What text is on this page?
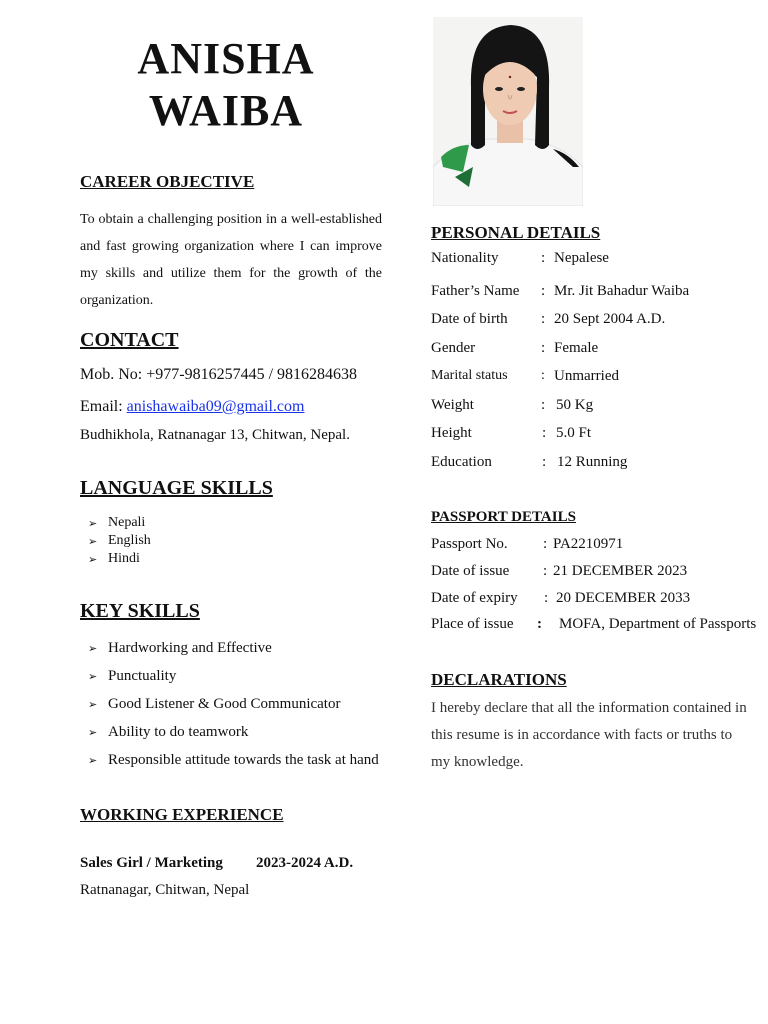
ANISHA
WAIBA
CAREER OBJECTIVE
To obtain a challenging position in a well-established and fast growing organization where I can improve my skills and utilize them for the growth of the organization.
CONTACT
Mob. No: +977-9816257445 / 9816284638
Email: anishawaiba09@gmail.com
Budhikhola, Ratnanagar 13, Chitwan, Nepal.
LANGUAGE SKILLS
➢ Nepali
➢ English
➢ Hindi
KEY SKILLS
➢ Hardworking and Effective
➢ Punctuality
➢ Good Listener & Good Communicator
➢ Ability to do teamwork
➢ Responsible attitude towards the task at hand
WORKING EXPERIENCE
Sales Girl / Marketing 2023-2024 A.D.
Ratnanagar, Chitwan, Nepal
PERSONAL DETAILS
Nationality	: Nepalese
Father’s Name : Mr. Jit Bahadur Waiba
Date of birth : 20 Sept 2004 A.D.
Gender	: Female
Marital status : Unmarried
Weight	: 50 Kg
Height	: 5.0 Ft
Education	: 12 Running
PASSPORT DETAILS
Passport No. : PA2210971
Date of issue : 21 DECEMBER 2023
Date of expiry : 20 DECEMBER 2033
Place of issue : MOFA, Department of Passports
DECLARATIONS
I hereby declare that all the information contained in this resume is in accordance with facts or truths to my knowledge.
